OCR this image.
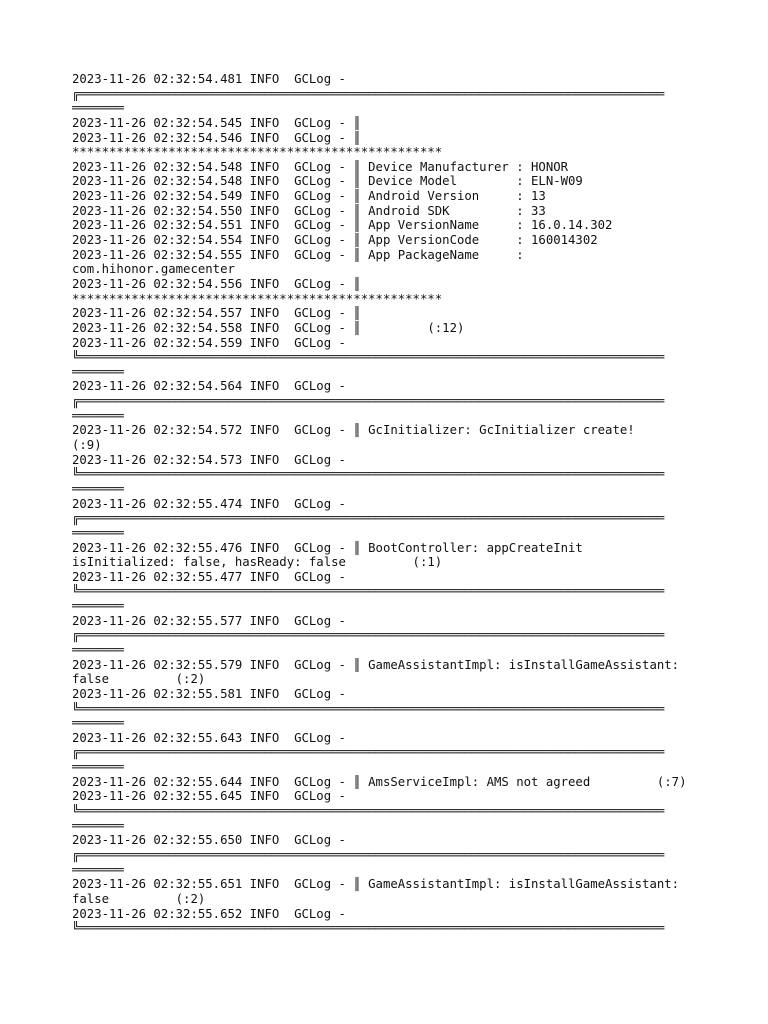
2023-11-26 02:32:54.481 INFO  GCLog -
╔═══════════════════════════════════════════════════════════════════════════════
═══════
2023-11-26 02:32:54.545 INFO  GCLog - ║
2023-11-26 02:32:54.546 INFO  GCLog - ║
**************************************************
2023-11-26 02:32:54.548 INFO  GCLog - ║ Device Manufacturer : HONOR
2023-11-26 02:32:54.548 INFO  GCLog - ║ Device Model        : ELN-W09
2023-11-26 02:32:54.549 INFO  GCLog - ║ Android Version     : 13
2023-11-26 02:32:54.550 INFO  GCLog - ║ Android SDK         : 33
2023-11-26 02:32:54.551 INFO  GCLog - ║ App VersionName     : 16.0.14.302
2023-11-26 02:32:54.554 INFO  GCLog - ║ App VersionCode     : 160014302
2023-11-26 02:32:54.555 INFO  GCLog - ║ App PackageName     :
com.hihonor.gamecenter
2023-11-26 02:32:54.556 INFO  GCLog - ║
**************************************************
2023-11-26 02:32:54.557 INFO  GCLog - ║
2023-11-26 02:32:54.558 INFO  GCLog - ║         (:12)
2023-11-26 02:32:54.559 INFO  GCLog -
╚═══════════════════════════════════════════════════════════════════════════════
═══════
2023-11-26 02:32:54.564 INFO  GCLog -
╔═══════════════════════════════════════════════════════════════════════════════
═══════
2023-11-26 02:32:54.572 INFO  GCLog - ║ GcInitializer: GcInitializer create!
(:9)
2023-11-26 02:32:54.573 INFO  GCLog -
╚═══════════════════════════════════════════════════════════════════════════════
═══════
2023-11-26 02:32:55.474 INFO  GCLog -
╔═══════════════════════════════════════════════════════════════════════════════
═══════
2023-11-26 02:32:55.476 INFO  GCLog - ║ BootController: appCreateInit
isInitialized: false, hasReady: false         (:1)
2023-11-26 02:32:55.477 INFO  GCLog -
╚═══════════════════════════════════════════════════════════════════════════════
═══════
2023-11-26 02:32:55.577 INFO  GCLog -
╔═══════════════════════════════════════════════════════════════════════════════
═══════
2023-11-26 02:32:55.579 INFO  GCLog - ║ GameAssistantImpl: isInstallGameAssistant:
false         (:2)
2023-11-26 02:32:55.581 INFO  GCLog -
╚═══════════════════════════════════════════════════════════════════════════════
═══════
2023-11-26 02:32:55.643 INFO  GCLog -
╔═══════════════════════════════════════════════════════════════════════════════
═══════
2023-11-26 02:32:55.644 INFO  GCLog - ║ AmsServiceImpl: AMS not agreed         (:7)
2023-11-26 02:32:55.645 INFO  GCLog -
╚═══════════════════════════════════════════════════════════════════════════════
═══════
2023-11-26 02:32:55.650 INFO  GCLog -
╔═══════════════════════════════════════════════════════════════════════════════
═══════
2023-11-26 02:32:55.651 INFO  GCLog - ║ GameAssistantImpl: isInstallGameAssistant:
false         (:2)
2023-11-26 02:32:55.652 INFO  GCLog -
╚═══════════════════════════════════════════════════════════════════════════════
